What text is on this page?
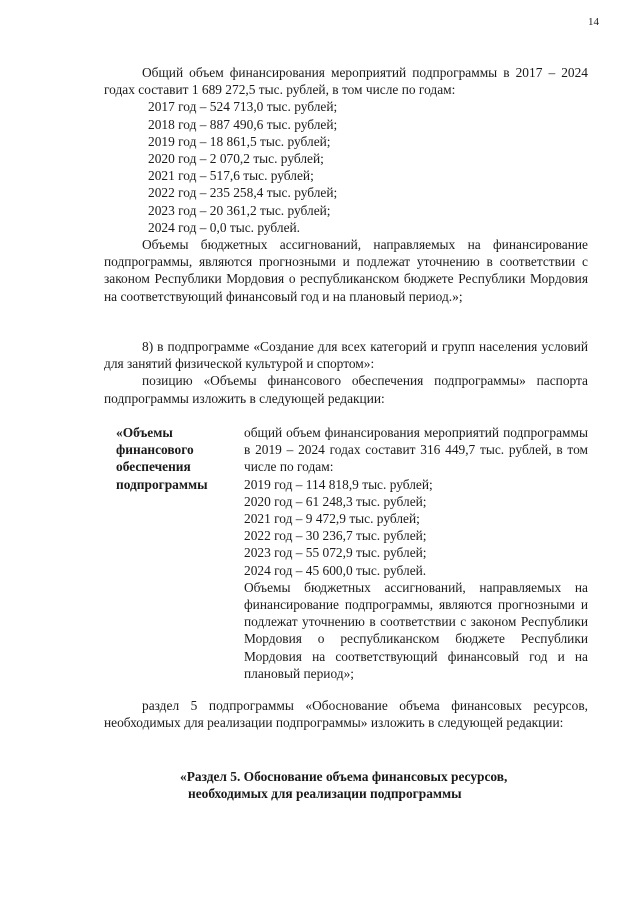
14

Общий объем финансирования мероприятий подпрограммы в 2017 – 2024 годах составит 1 689 272,5 тыс. рублей, в том числе по годам:

2017 год – 524 713,0 тыс. рублей;
2018 год – 887 490,6 тыс. рублей;
2019 год – 18 861,5 тыс. рублей;
2020 год – 2 070,2 тыс. рублей;
2021 год – 517,6 тыс. рублей;
2022 год – 235 258,4 тыс. рублей;
2023 год – 20 361,2 тыс. рублей;
2024 год – 0,0 тыс. рублей.

Объемы бюджетных ассигнований, направляемых на финансирование подпрограммы, являются прогнозными и подлежат уточнению в соответствии с законом Республики Мордовия о республиканском бюджете Республики Мордовия на соответствующий финансовый год и на плановый период.»;

8) в подпрограмме «Создание для всех категорий и групп населения условий для занятий физической культурой и спортом»:

позицию «Объемы финансового обеспечения подпрограммы» паспорта подпрограммы изложить в следующей редакции:

«Объемы финансового обеспечения подпрограммы
общий объем финансирования мероприятий подпрограммы в 2019 – 2024 годах составит 316 449,7 тыс. рублей, в том числе по годам:
2019 год – 114 818,9 тыс. рублей;
2020 год – 61 248,3 тыс. рублей;
2021 год – 9 472,9 тыс. рублей;
2022 год – 30 236,7 тыс. рублей;
2023 год – 55 072,9 тыс. рублей;
2024 год – 45 600,0 тыс. рублей.
Объемы бюджетных ассигнований, направляемых на финансирование подпрограммы, являются прогнозными и подлежат уточнению в соответствии с законом Республики Мордовия о республиканском бюджете Республики Мордовия на соответствующий финансовый год и на плановый период»;

раздел 5 подпрограммы «Обоснование объема финансовых ресурсов, необходимых для реализации подпрограммы» изложить в следующей редакции:

«Раздел 5. Обоснование объема финансовых ресурсов,
необходимых для реализации подпрограммы
